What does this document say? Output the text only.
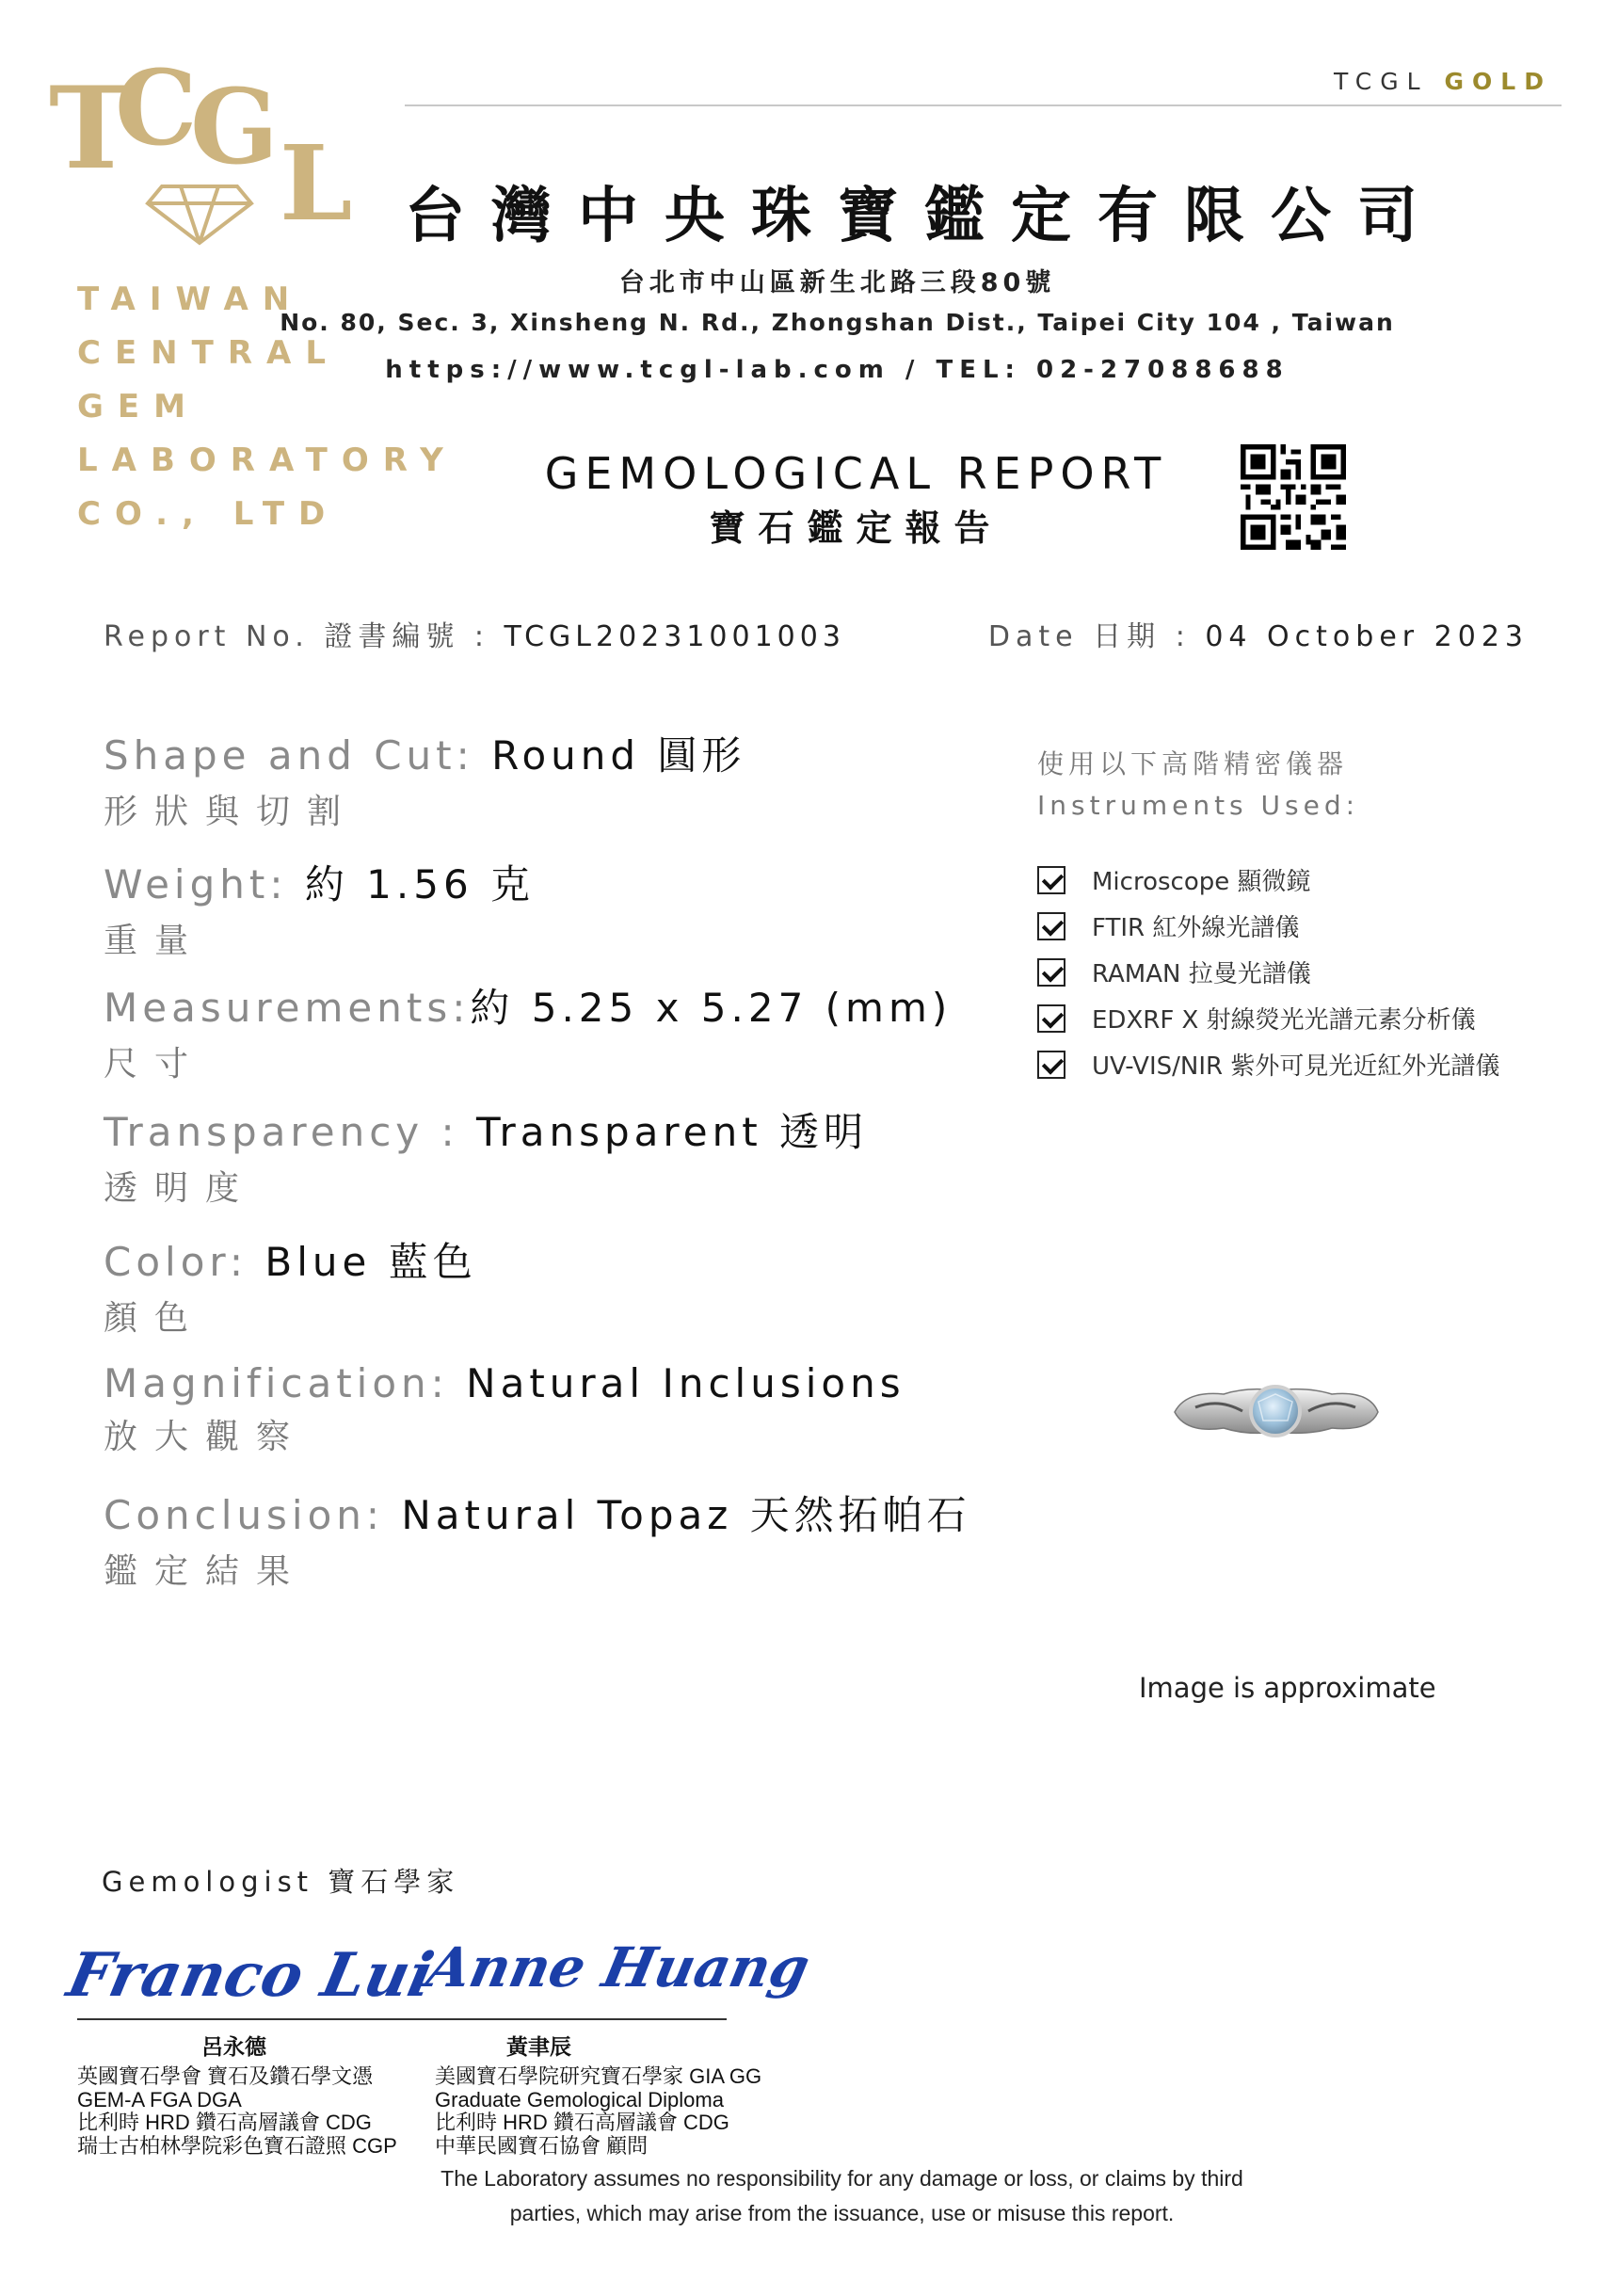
TCGL GOLD
T
C
G L
TAIWAN
CENTRAL
GEM
LABORATORY
CO., LTD
台灣中央珠寶鑑定有限公司
台北市中山區新生北路三段80號
No. 80, Sec. 3, Xinsheng N. Rd., Zhongshan Dist., Taipei City 104 , Taiwan
https://www.tcgl-lab.com / TEL: 02-27088688
GEMOLOGICAL REPORT
寶石鑑定報告
Report No. 證書編號 : TCGL20231001003	Date 日期 : 04 October 2023
Shape and Cut: Round 圓形
形狀與切割
Weight: 約 1.56 克
重量
Measurements:約 5.25 x 5.27 (mm)
尺寸
Transparency : Transparent 透明
透明度
Color: Blue 藍色
顏色
Magnification: Natural Inclusions
放大觀察
Conclusion: Natural Topaz 天然拓帕石
鑑定結果
使用以下高階精密儀器
Instruments Used:
Microscope 顯微鏡
FTIR 紅外線光譜儀
RAMAN 拉曼光譜儀
EDXRF X 射線熒光光譜元素分析儀
UV-VIS/NIR 紫外可見光近紅外光譜儀
Image is approximate
Gemologist 寶石學家
Franco Lui
Anne Huang
呂永德	黃聿辰
英國寶石學會 寶石及鑽石學文憑
GEM-A FGA DGA
比利時 HRD 鑽石高層議會 CDG
瑞士古柏林學院彩色寶石證照 CGP
美國寶石學院研究寶石學家 GIA GG
Graduate Gemological Diploma
比利時 HRD 鑽石高層議會 CDG
中華民國寶石協會 顧問
The Laboratory assumes no responsibility for any damage or loss, or claims by third
parties, which may arise from the issuance, use or misuse this report.
